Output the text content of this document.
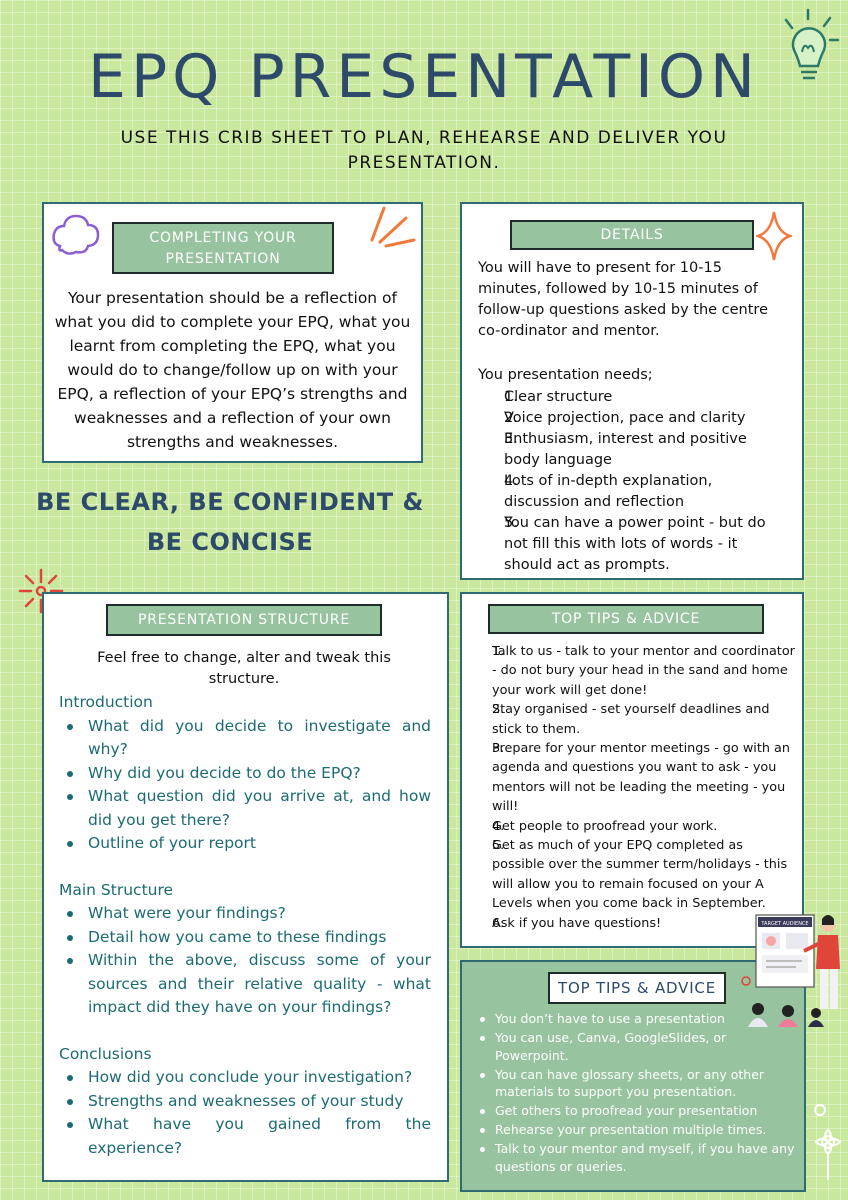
EPQ PRESENTATION
USE THIS CRIB SHEET TO PLAN, REHEARSE AND DELIVER YOU PRESENTATION.
COMPLETING YOUR PRESENTATION
Your presentation should be a reflection of what you did to complete your EPQ, what you learnt from completing the EPQ, what you would do to change/follow up on with your EPQ, a reflection of your EPQ’s strengths and weaknesses and a reflection of your own strengths and weaknesses.
BE CLEAR, BE CONFIDENT &
BE CONCISE
DETAILS
You will have to present for 10-15 minutes, followed by 10-15 minutes of follow-up questions asked by the centre co-ordinator and mentor.
You presentation needs;
Clear structure
Voice projection, pace and clarity
Enthusiasm, interest and positive body language
Lots of in-depth explanation, discussion and reflection
You can have a power point - but do not fill this with lots of words - it should act as prompts.
PRESENTATION STRUCTURE
Feel free to change, alter and tweak this structure.
Introduction
What did you decide to investigate and why?
Why did you decide to do the EPQ?
What question did you arrive at, and how did you get there?
Outline of your report
Main Structure
What were your findings?
Detail how you came to these findings
Within the above, discuss some of your sources and their relative quality - what impact did they have on your findings?
Conclusions
How did you conclude your investigation?
Strengths and weaknesses of your study
What have you gained from the experience?
TOP TIPS & ADVICE
Talk to us - talk to your mentor and coordinator - do not bury your head in the sand and home your work will get done!
Stay organised - set yourself deadlines and stick to them.
Prepare for your mentor meetings - go with an agenda and questions you want to ask - you mentors will not be leading the meeting - you will!
Get people to proofread your work.
Get as much of your EPQ completed as possible over the summer term/holidays - this will allow you to remain focused on your A Levels when you come back in September.
Ask if you have questions!
TOP TIPS & ADVICE
You don’t have to use a presentation
You can use, Canva, GoogleSlides, or Powerpoint.
You can have glossary sheets, or any other materials to support you presentation.
Get others to proofread your presentation
Rehearse your presentation multiple times.
Talk to your mentor and myself, if you have any questions or queries.
TARGET AUDIENCE
